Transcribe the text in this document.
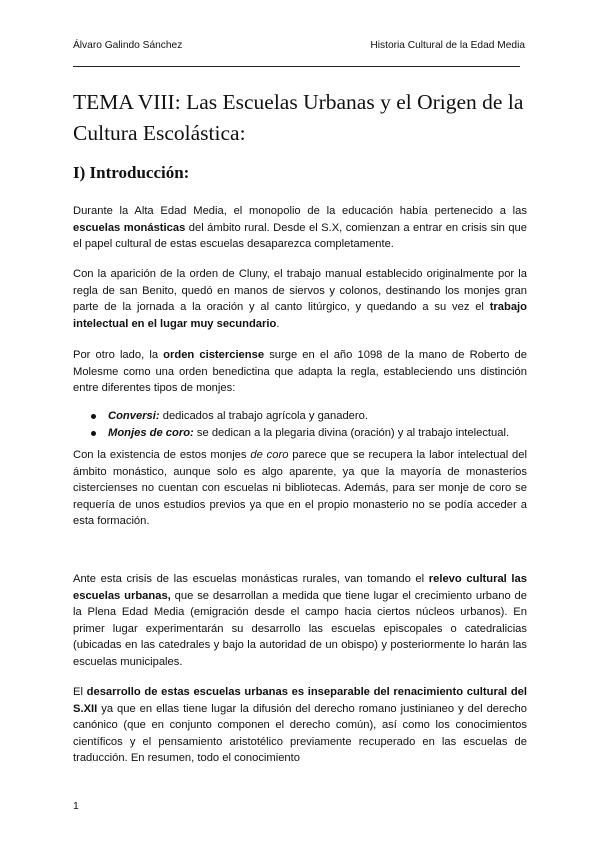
Álvaro Galindo Sánchez	Historia Cultural de la Edad Media
TEMA VIII: Las Escuelas Urbanas y el Origen de la Cultura Escolástica:
I) Introducción:

Durante la Alta Edad Media, el monopolio de la educación había pertenecido a las escuelas monásticas del ámbito rural. Desde el S.X, comienzan a entrar en crisis sin que el papel cultural de estas escuelas desaparezca completamente.

Con la aparición de la orden de Cluny, el trabajo manual establecido originalmente por la regla de san Benito, quedó en manos de siervos y colonos, destinando los monjes gran parte de la jornada a la oración y al canto litúrgico, y quedando a su vez el trabajo intelectual en el lugar muy secundario.

Por otro lado, la orden cisterciense surge en el año 1098 de la mano de Roberto de Molesme como una orden benedictina que adapta la regla, estableciendo uns distinción entre diferentes tipos de monjes:

Conversi: dedicados al trabajo agrícola y ganadero.
Monjes de coro: se dedican a la plegaria divina (oración) y al trabajo intelectual.

Con la existencia de estos monjes de coro parece que se recupera la labor intelectual del ámbito monástico, aunque solo es algo aparente, ya que la mayoría de monasterios cistercienses no cuentan con escuelas ni bibliotecas. Además, para ser monje de coro se requería de unos estudios previos ya que en el propio monasterio no se podía acceder a esta formación.

Ante esta crisis de las escuelas monásticas rurales, van tomando el relevo cultural las escuelas urbanas, que se desarrollan a medida que tiene lugar el crecimiento urbano de la Plena Edad Media (emigración desde el campo hacia ciertos núcleos urbanos). En primer lugar experimentarán su desarrollo las escuelas episcopales o catedralicias (ubicadas en las catedrales y bajo la autoridad de un obispo) y posteriormente lo harán las escuelas municipales.

El desarrollo de estas escuelas urbanas es inseparable del renacimiento cultural del S.XII ya que en ellas tiene lugar la difusión del derecho romano justinianeo y del derecho canónico (que en conjunto componen el derecho común), así como los conocimientos científicos y el pensamiento aristotélico previamente recuperado en las escuelas de traducción. En resumen, todo el conocimiento

1
